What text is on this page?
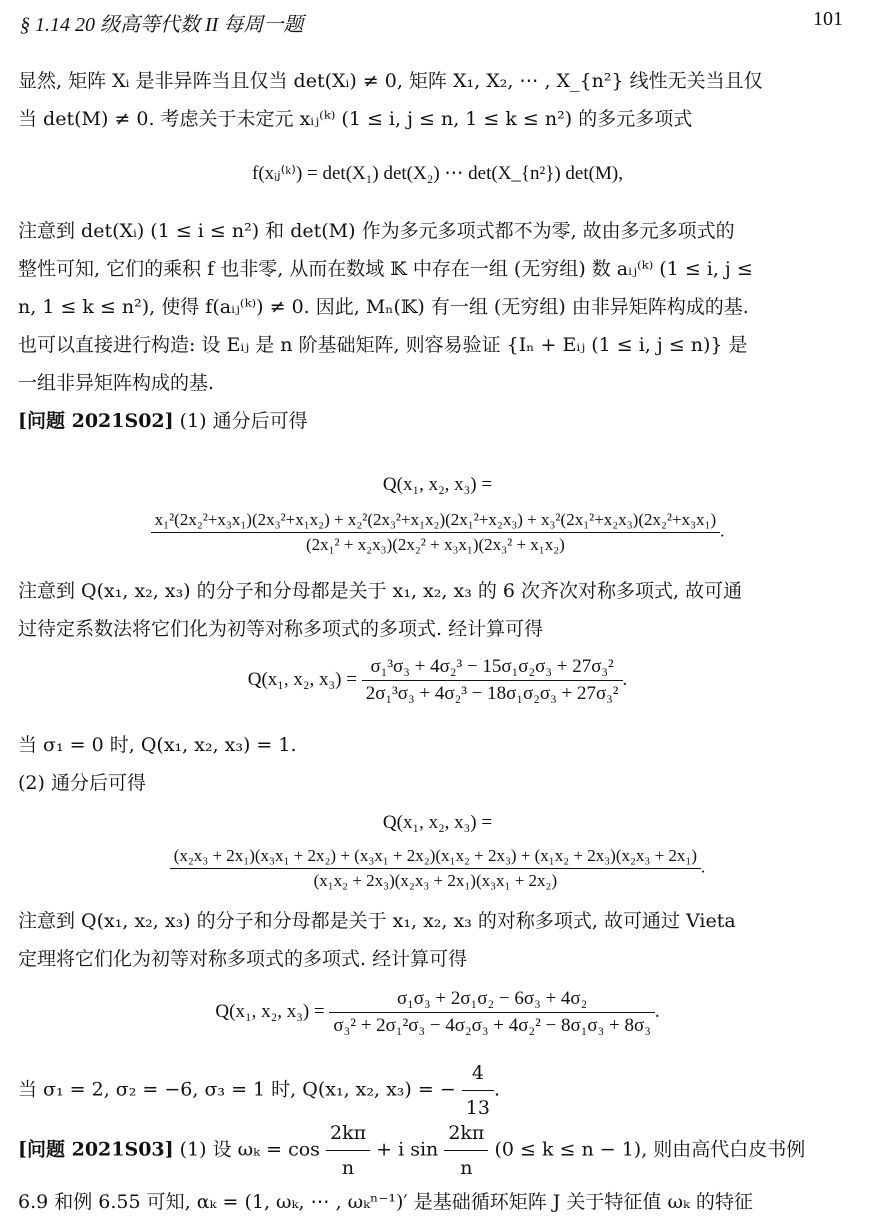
§ 1.14 20 级高等代数 II 每周一题	101

显然, 矩阵 Xᵢ 是非异阵当且仅当 det(Xᵢ) ≠ 0, 矩阵 X₁, X₂, ⋯ , X_{n²} 线性无关当且仅

当 det(M) ≠ 0. 考虑关于未定元 xᵢⱼ⁽ᵏ⁾ (1 ≤ i, j ≤ n, 1 ≤ k ≤ n²) 的多元多项式

f(xᵢⱼ⁽ᵏ⁾) = det(X₁) det(X₂) ⋯ det(X_{n²}) det(M),

注意到 det(Xᵢ) (1 ≤ i ≤ n²) 和 det(M) 作为多元多项式都不为零, 故由多元多项式的

整性可知, 它们的乘积 f 也非零, 从而在数域 𝕂 中存在一组 (无穷组) 数 aᵢⱼ⁽ᵏ⁾ (1 ≤ i, j ≤

n, 1 ≤ k ≤ n²), 使得 f(aᵢⱼ⁽ᵏ⁾) ≠ 0. 因此, Mₙ(𝕂) 有一组 (无穷组) 由非异矩阵构成的基.

也可以直接进行构造: 设 Eᵢⱼ 是 n 阶基础矩阵, 则容易验证 {Iₙ + Eᵢⱼ (1 ≤ i, j ≤ n)} 是

一组非异矩阵构成的基.

[问题 2021S02] (1) 通分后可得

Q(x₁, x₂, x₃) =
x₁²(2x₂²+x₃x₁)(2x₃²+x₁x₂) + x₂²(2x₃²+x₁x₂)(2x₁²+x₂x₃) + x₃²(2x₁²+x₂x₃)(2x₂²+x₃x₁)
(2x₁² + x₂x₃)(2x₂² + x₃x₁)(2x₃² + x₁x₂)
.

注意到 Q(x₁, x₂, x₃) 的分子和分母都是关于 x₁, x₂, x₃ 的 6 次齐次对称多项式, 故可通

过待定系数法将它们化为初等对称多项式的多项式. 经计算可得

Q(x₁, x₂, $x_3) = \frac{\text{σ₁³σ₃ + 4σ₂³ − 15σ₁σ₂σ₃ + 27σ₃²}}{\text{2σ₁³σ₃ + 4σ₂³ − 18σ₁σ₂σ₃ + 27σ₃²}}$ .

当 σ₁ = 0 时, Q(x₁, x₂, x₃) = 1.

(2) 通分后可得

Q(x₁, x₂, x₃) =
(x₂x₃ + 2x₁)(x₃x₁ + 2x₂) + (x₃x₁ + 2x₂)(x₁x₂ + 2x₃) + (x₁x₂ + 2x₃)(x₂x₃ + 2x₁)
(x₁x₂ + 2x₃)(x₂x₃ + 2x₁)(x₃x₁ + 2x₂)
.

注意到 Q(x₁, x₂, x₃) 的分子和分母都是关于 x₁, x₂, x₃ 的对称多项式, 故可通过 Vieta

定理将它们化为初等对称多项式的多项式. 经计算可得

Q(x₁, x₂, $x_3) = \frac{\text{σ₁σ₃ + 2σ₁σ₂ − 6σ₃ + 4σ₂}}{\text{σ₃² + 2σ₁²σ₃ − 4σ₂σ₃ + 4σ₂² − 8σ₁σ₃ + 8σ₃}}$ .

当 σ₁ = 2, σ₂ = −6, σ₃ = 1 时, Q(x₁, x₂, x₃) = − $\frac{4}{13}$ .

[问题 2021S03] (1) 设 $\omega_k = \cos \frac{2k\pi}{n} + i$ $\sin \frac{2k\pi}{n} (0 \le k \le n - 1)$, 则由高代白皮书例

6.9 和例 6.55 可知, αₖ = (1, ωₖ, ⋯ , ωₖⁿ⁻¹)′ 是基础循环矩阵 J 关于特征值 ωₖ 的特征
